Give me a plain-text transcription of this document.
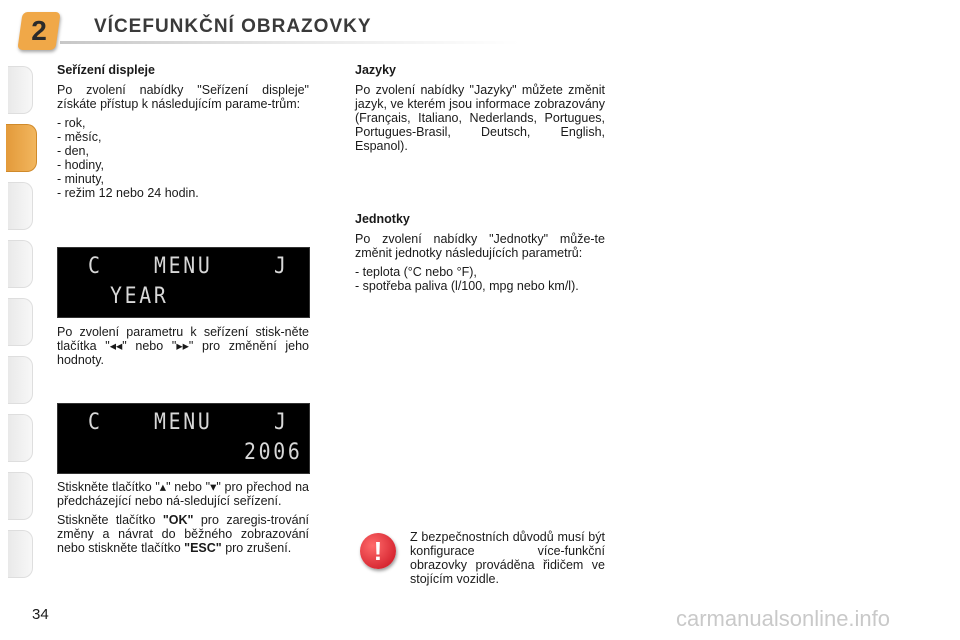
2	VÍCEFUNKČNÍ OBRAZOVKY
Seřízení displeje

Po zvolení nabídky "Seřízení displeje" získáte přístup k následujícím parame-trům:

- rok,
- měsíc,
- den,
- hodiny,
- minuty,
- režim 12 nebo 24 hodin.
C MENU	J
YEAR

Po zvolení parametru k seřízení stisk-něte tlačítka "◂◂" nebo "▸▸" pro změnění jeho hodnoty.

C MENU	J
2006

Stiskněte tlačítko "▴" nebo "▾" pro přechod na předcházející nebo ná-sledující seřízení.

Stiskněte tlačítko "OK" pro zaregis-trování změny a návrat do běžného zobrazování nebo stiskněte tlačítko "ESC" pro zrušení.

Jazyky

Po zvolení nabídky "Jazyky" můžete změnit jazyk, ve kterém jsou informace zobrazovány (Français, Italiano, Nederlands, Portugues, Portugues-Brasil, Deutsch, English, Espanol).

Jednotky

Po zvolení nabídky "Jednotky" může-te změnit jednotky následujících parametrů:

- teplota (°C nebo °F),
- spotřeba paliva (l/100, mpg nebo km/l).
!	Z bezpečnostních důvodů musí být konfigurace více-funkční obrazovky prováděna řidičem ve stojícím vozidle.

34	carmanualsonline.info
